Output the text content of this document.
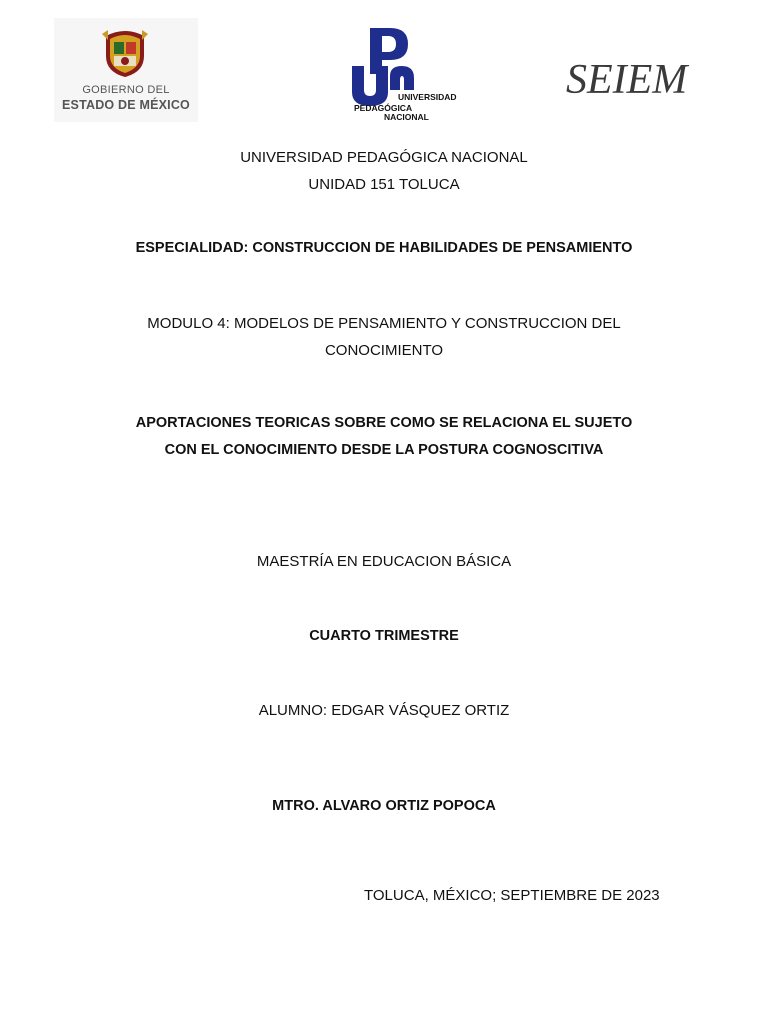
GOBIERNO DEL
ESTADO DE MÉXICO
UNIVERSIDAD
PEDAGÓGICA
NACIONAL
SEIEM
UNIVERSIDAD PEDAGÓGICA NACIONAL
UNIDAD 151 TOLUCA
ESPECIALIDAD: CONSTRUCCION DE HABILIDADES DE PENSAMIENTO
MODULO 4: MODELOS DE PENSAMIENTO Y CONSTRUCCION DEL
CONOCIMIENTO
APORTACIONES TEORICAS SOBRE COMO SE RELACIONA EL SUJETO
CON EL CONOCIMIENTO DESDE LA POSTURA COGNOSCITIVA
MAESTRÍA EN EDUCACION BÁSICA
CUARTO TRIMESTRE
ALUMNO: EDGAR VÁSQUEZ ORTIZ
MTRO. ALVARO ORTIZ POPOCA
TOLUCA, MÉXICO; SEPTIEMBRE DE 2023
